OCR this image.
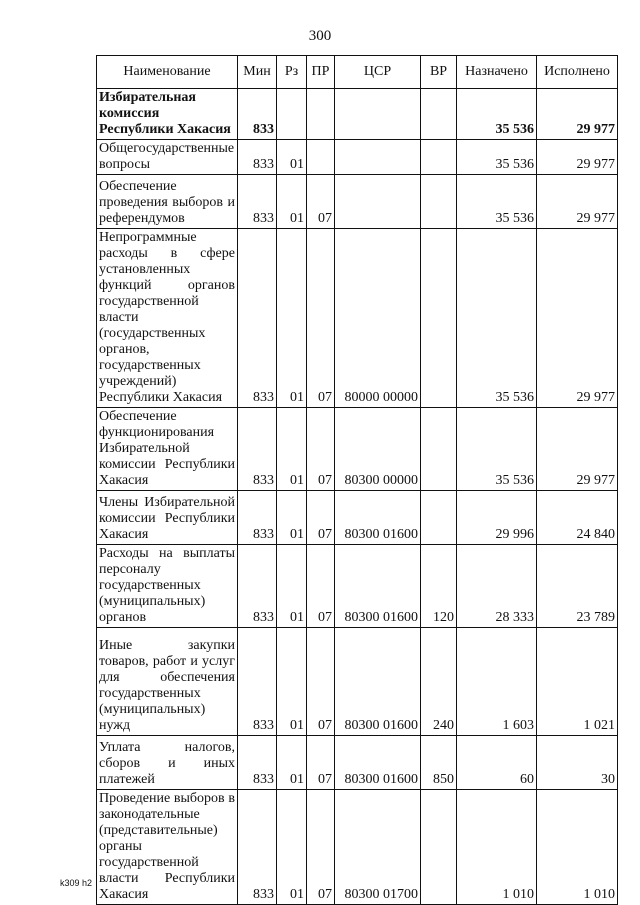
300
Наименование	Мин	Рз	ПР	ЦСР	ВР	Назначено	Исполнено
Избирательная комиссия Республики Хакасия	833					35 536	29 977
Общегосударственные вопросы	833	01				35 536	29 977
Обеспечение проведения выборов и референдумов	833	01	07			35 536	29 977
Непрограммные расходы в сфере установленных функций органов государственной власти (государственных органов, государственных учреждений) Республики Хакасия	833	01	07	80000 00000		35 536	29 977
Обеспечение функционирования Избирательной комиссии Республики Хакасия	833	01	07	80300 00000		35 536	29 977
Члены Избирательной комиссии Республики Хакасия	833	01	07	80300 01600		29 996	24 840
Расходы на выплаты персоналу государственных (муниципальных) органов	833	01	07	80300 01600	120	28 333	23 789
Иные закупки товаров, работ и услуг для обеспечения государственных (муниципальных) нужд	833	01	07	80300 01600	240	1 603	1 021
Уплата налогов, сборов и иных платежей	833	01	07	80300 01600	850	60	30
Проведение выборов в законодательные (представительные) органы государственной власти Республики Хакасия	833	01	07	80300 01700		1 010	1 010
k309 h2
